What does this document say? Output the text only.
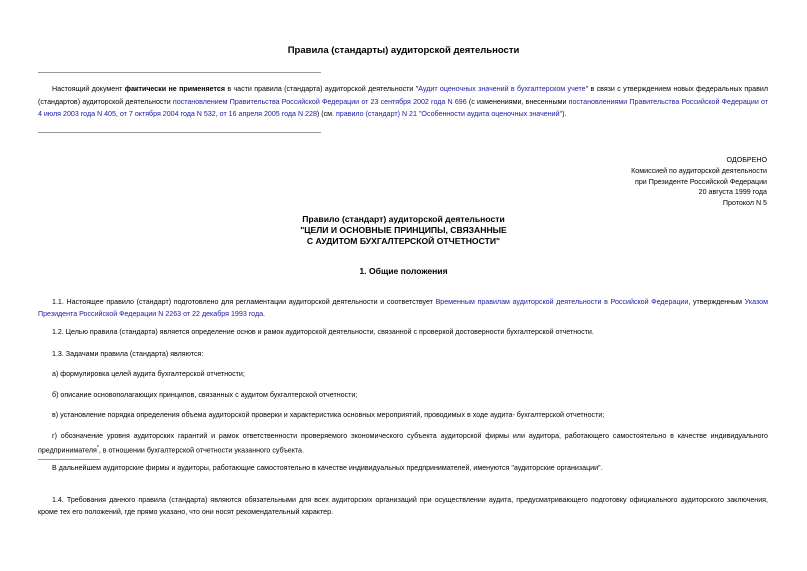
Правила (стандарты) аудиторской деятельности
Настоящий документ фактически не применяется в части правила (стандарта) аудиторской деятельности "Аудит оценочных значений в бухгалтерском учете" в связи с утверждением новых федеральных правил (стандартов) аудиторской деятельности постановлением Правительства Российской Федерации от 23 сентября 2002 года N 696 (с изменениями, внесенными постановлениями Правительства Российской Федерации от 4 июля 2003 года N 405, от 7 октября 2004 года N 532, от 16 апреля 2005 года N 228) (см. правило (стандарт) N 21 "Особенности аудита оценочных значений").
ОДОБРЕНО
Комиссией по аудиторской деятельности
при Президенте Российской Федерации
20 августа 1999 года
Протокол N 5
Правило (стандарт) аудиторской деятельности
"ЦЕЛИ И ОСНОВНЫЕ ПРИНЦИПЫ, СВЯЗАННЫЕ
С АУДИТОМ БУХГАЛТЕРСКОЙ ОТЧЕТНОСТИ"
1. Общие положения
1.1. Настоящее правило (стандарт) подготовлено для регламентации аудиторской деятельности и соответствует Временным правилам аудиторской деятельности в Российской Федерации, утвержденным Указом Президента Российской Федерации N 2263 от 22 декабря 1993 года.
1.2. Целью правила (стандарта) является определение основ и рамок аудиторской деятельности, связанной с проверкой достоверности бухгалтерской отчетности.
1.3. Задачами правила (стандарта) являются:
а) формулировка целей аудита бухгалтерской отчетности;
б) описание основополагающих принципов, связанных с аудитом бухгалтерской отчетности;
в) установление порядка определения объема аудиторской проверки и характеристика основных мероприятий, проводимых в ходе аудита- бухгалтерской отчетности;
г) обозначение уровня аудиторских гарантий и рамок ответственности проверяемого экономического субъекта аудиторской фирмы или аудитора, работающего самостоятельно в качестве индивидуального предпринимателя*, в отношении бухгалтерской отчетности указанного субъекта.
В дальнейшем аудиторские фирмы и аудиторы, работающие самостоятельно в качестве индивидуальных предпринимателей, именуются "аудиторские организации".
1.4. Требования данного правила (стандарта) являются обязательными для всех аудиторских организаций при осуществлении аудита, предусматривающего подготовку официального аудиторского заключения, кроме тех его положений, где прямо указано, что они носят рекомендательный характер.
